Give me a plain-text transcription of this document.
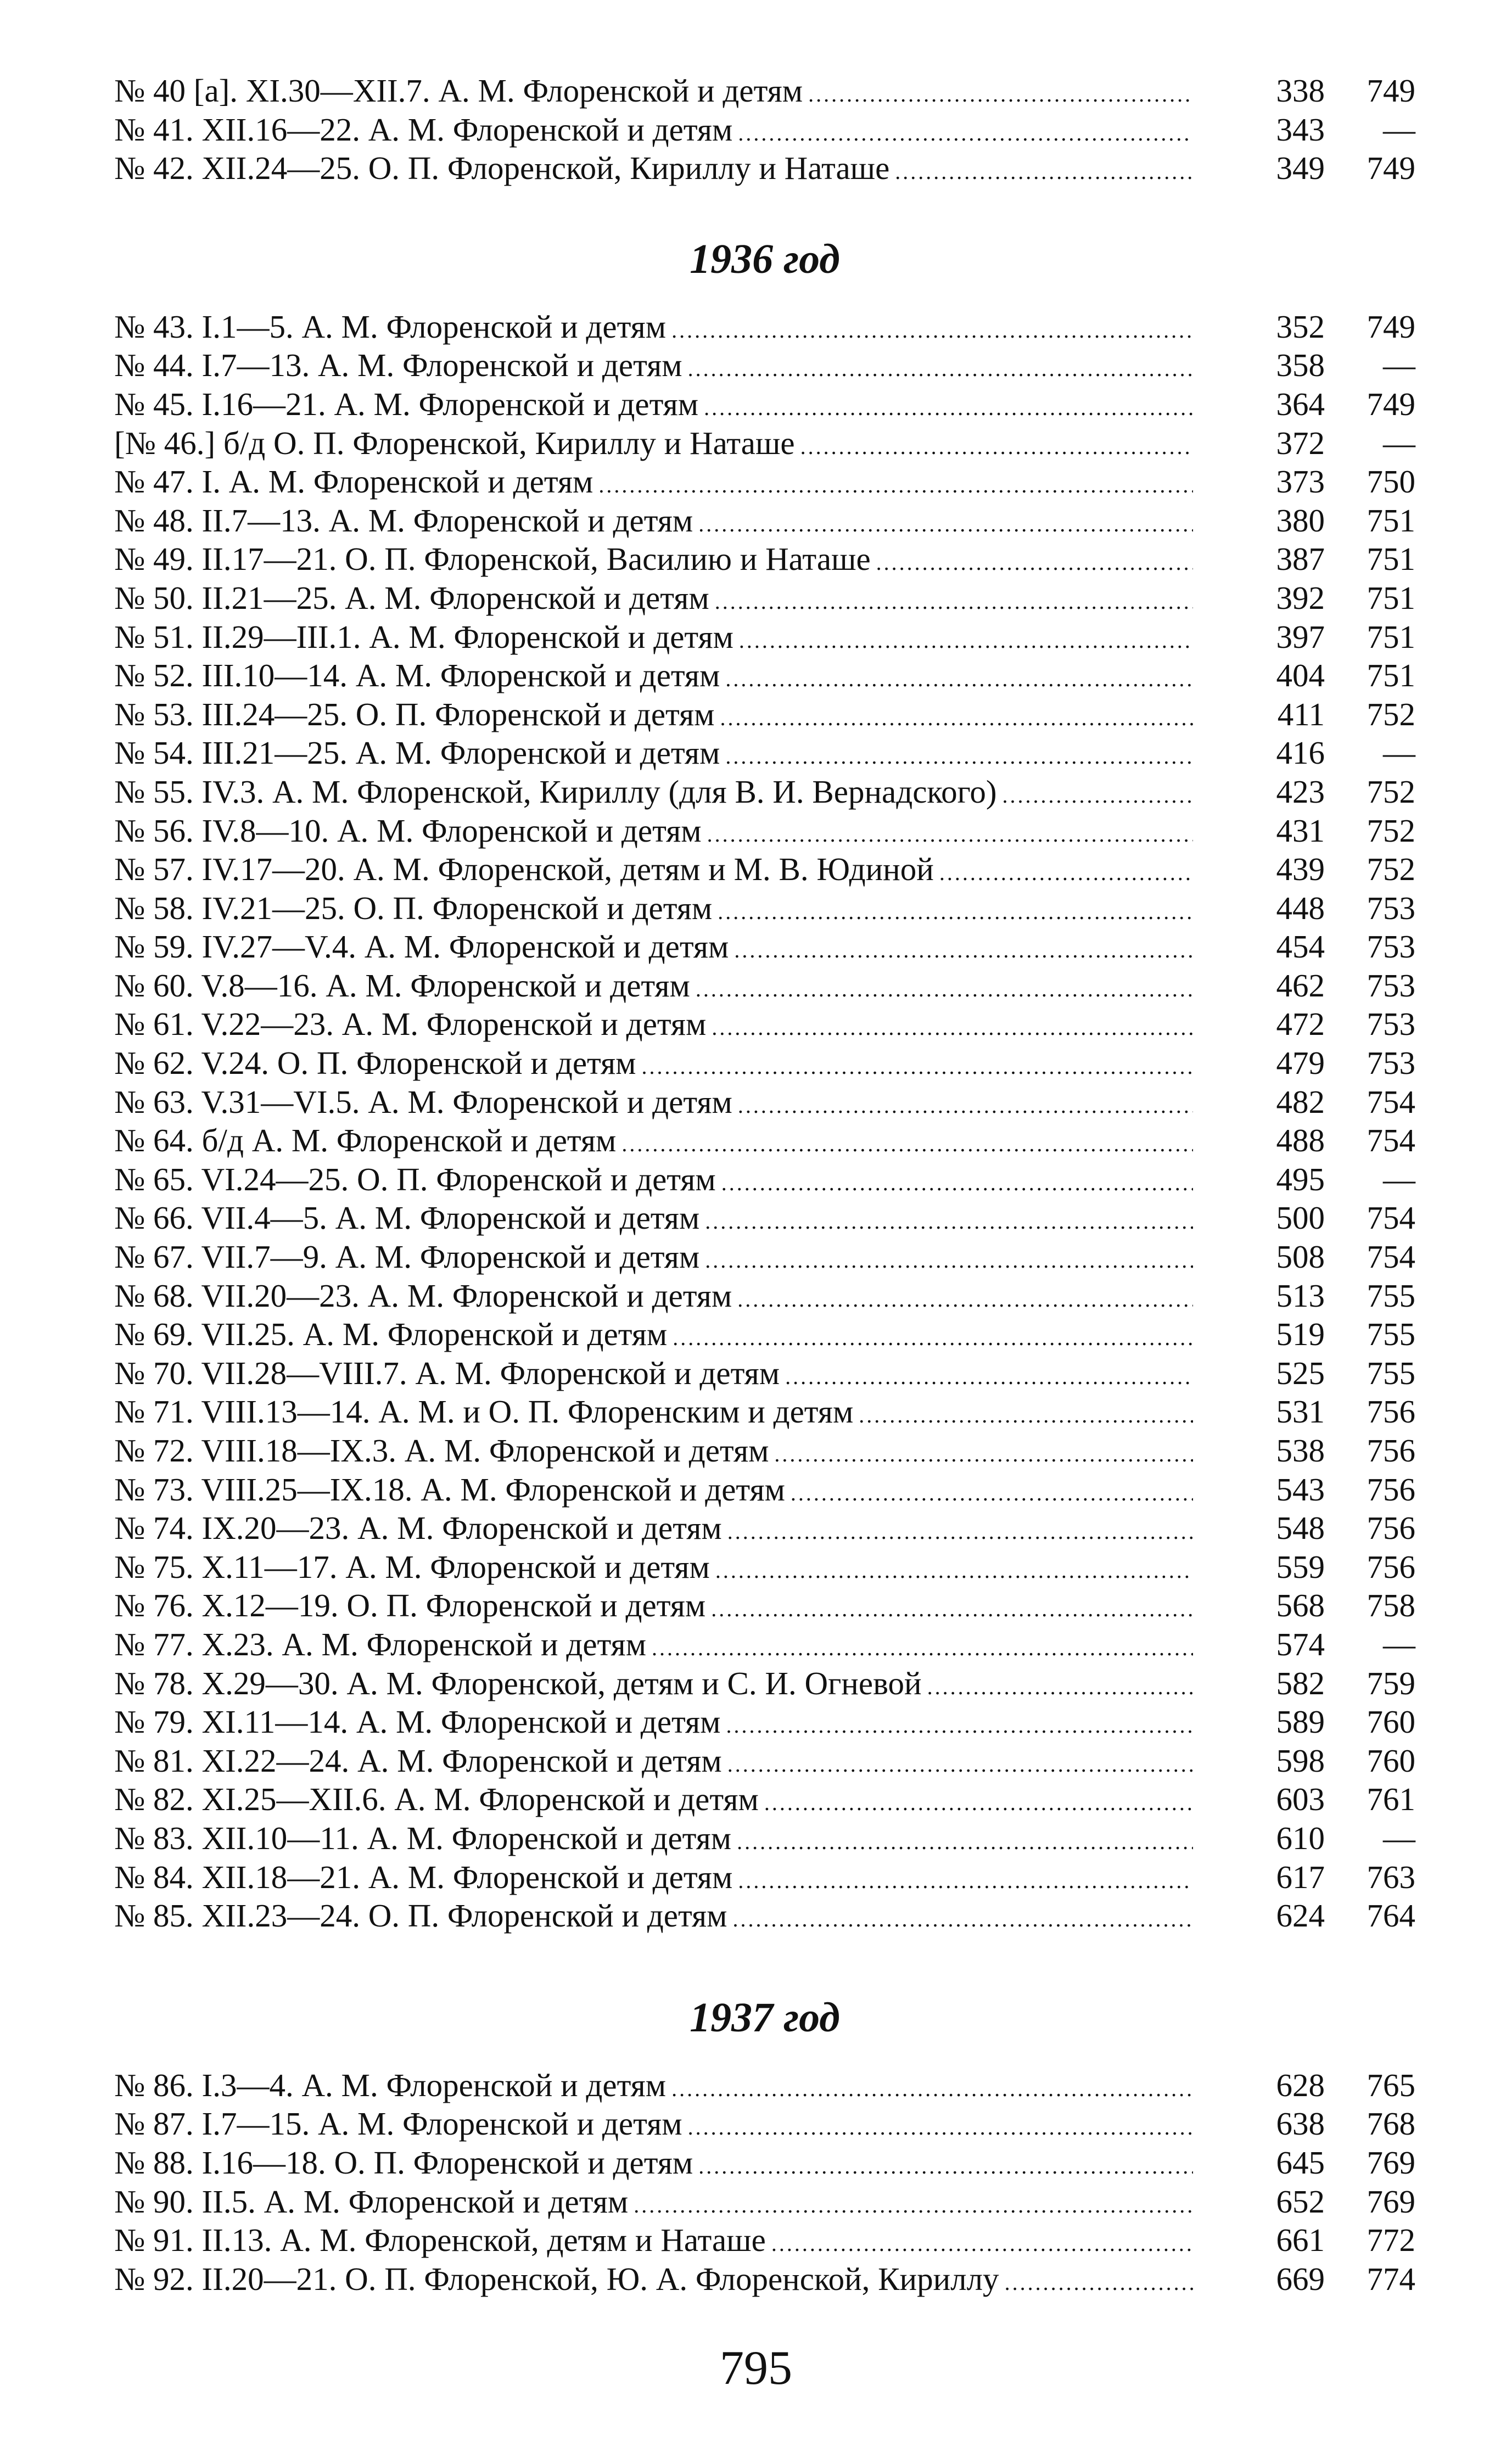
№ 40 [а]. XI.30—XII.7. А. М. Флоренской и детям .....	338	749
№ 41. XII.16—22. А. М. Флоренской и детям .....	343	—
№ 42. XII.24—25. О. П. Флоренской, Кириллу и Наташе .....	349	749
1936 год
№ 43. I.1—5. А. М. Флоренской и детям .....	352	749
№ 44. I.7—13. А. М. Флоренской и детям .....	358	—
№ 45. I.16—21. А. М. Флоренской и детям .....	364	749
[№ 46.] б/д О. П. Флоренской, Кириллу и Наташе .....	372	—
№ 47. I. А. М. Флоренской и детям .....	373	750
№ 48. II.7—13. А. М. Флоренской и детям .....	380	751
№ 49. II.17—21. О. П. Флоренской, Василию и Наташе .....	387	751
№ 50. II.21—25. А. М. Флоренской и детям .....	392	751
№ 51. II.29—III.1. А. М. Флоренской и детям .....	397	751
№ 52. III.10—14. А. М. Флоренской и детям .....	404	751
№ 53. III.24—25. О. П. Флоренской и детям .....	411	752
№ 54. III.21—25. А. М. Флоренской и детям .....	416	—
№ 55. IV.3. А. М. Флоренской, Кириллу (для В. И. Вернадского) .....	423	752
№ 56. IV.8—10. А. М. Флоренской и детям .....	431	752
№ 57. IV.17—20. А. М. Флоренской, детям и М. В. Юдиной .....	439	752
№ 58. IV.21—25. О. П. Флоренской и детям .....	448	753
№ 59. IV.27—V.4. А. М. Флоренской и детям .....	454	753
№ 60. V.8—16. А. М. Флоренской и детям .....	462	753
№ 61. V.22—23. А. М. Флоренской и детям .....	472	753
№ 62. V.24. О. П. Флоренской и детям .....	479	753
№ 63. V.31—VI.5. А. М. Флоренской и детям .....	482	754
№ 64. б/д А. М. Флоренской и детям .....	488	754
№ 65. VI.24—25. О. П. Флоренской и детям .....	495	—
№ 66. VII.4—5. А. М. Флоренской и детям .....	500	754
№ 67. VII.7—9. А. М. Флоренской и детям .....	508	754
№ 68. VII.20—23. А. М. Флоренской и детям .....	513	755
№ 69. VII.25. А. М. Флоренской и детям .....	519	755
№ 70. VII.28—VIII.7. А. М. Флоренской и детям .....	525	755
№ 71. VIII.13—14. А. М. и О. П. Флоренским и детям .....	531	756
№ 72. VIII.18—IX.3. А. М. Флоренской и детям .....	538	756
№ 73. VIII.25—IX.18. А. М. Флоренской и детям .....	543	756
№ 74. IX.20—23. А. М. Флоренской и детям .....	548	756
№ 75. X.11—17. А. М. Флоренской и детям .....	559	756
№ 76. X.12—19. О. П. Флоренской и детям .....	568	758
№ 77. X.23. А. М. Флоренской и детям .....	574	—
№ 78. X.29—30. А. М. Флоренской, детям и С. И. Огневой .....	582	759
№ 79. XI.11—14. А. М. Флоренской и детям .....	589	760
№ 81. XI.22—24. А. М. Флоренской и детям .....	598	760
№ 82. XI.25—XII.6. А. М. Флоренской и детям .....	603	761
№ 83. XII.10—11. А. М. Флоренской и детям .....	610	—
№ 84. XII.18—21. А. М. Флоренской и детям .....	617	763
№ 85. XII.23—24. О. П. Флоренской и детям .....	624	764
1937 год
№ 86. I.3—4. А. М. Флоренской и детям .....	628	765
№ 87. I.7—15. А. М. Флоренской и детям .....	638	768
№ 88. I.16—18. О. П. Флоренской и детям .....	645	769
№ 90. II.5. А. М. Флоренской и детям .....	652	769
№ 91. II.13. А. М. Флоренской, детям и Наташе .....	661	772
№ 92. II.20—21. О. П. Флоренской, Ю. А. Флоренской, Кириллу .....	669	774
795
